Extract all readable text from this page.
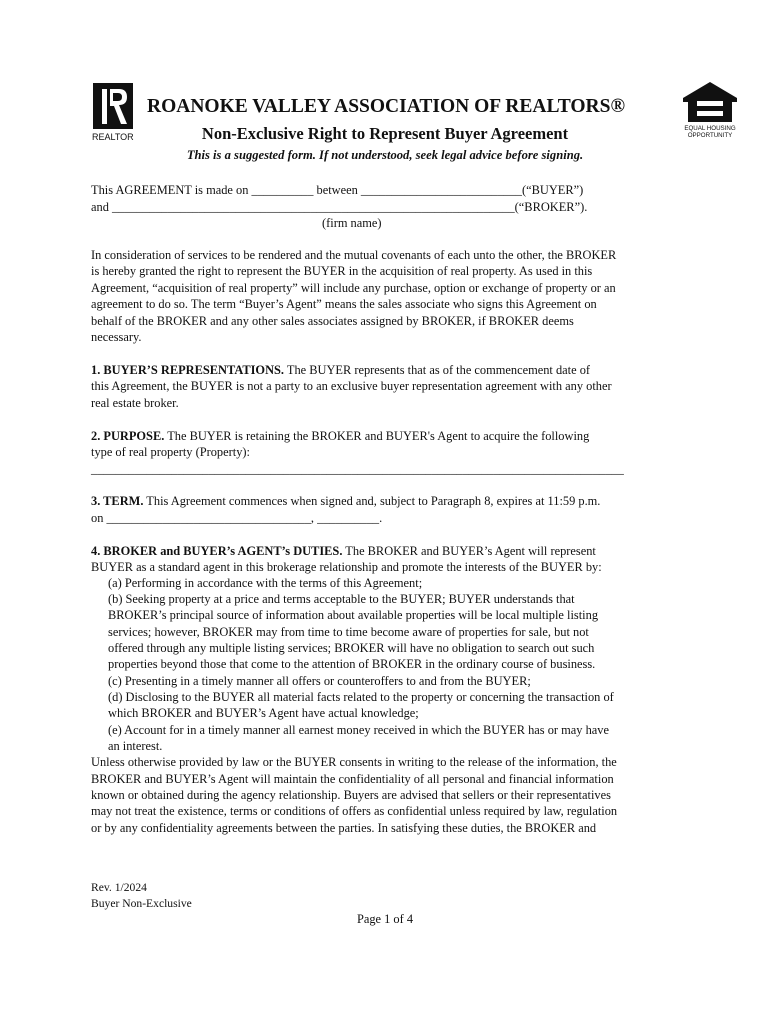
REALTOR
EQUAL HOUSING
OPPORTUNITY
ROANOKE VALLEY ASSOCIATION OF REALTORS®
Non-Exclusive Right to Represent Buyer Agreement
This is a suggested form. If not understood, seek legal advice before signing.
This AGREEMENT is made on __________ between __________________________(“BUYER”)
and _________________________________________________________________(“BROKER”).
(firm name)
In consideration of services to be rendered and the mutual covenants of each unto the other, the BROKER
is hereby granted the right to represent the BUYER in the acquisition of real property. As used in this
Agreement, “acquisition of real property” will include any purchase, option or exchange of property or an
agreement to do so. The term “Buyer’s Agent” means the sales associate who signs this Agreement on
behalf of the BROKER and any other sales associates assigned by BROKER, if BROKER deems
necessary.
1. BUYER’S REPRESENTATIONS. The BUYER represents that as of the commencement date of
this Agreement, the BUYER is not a party to an exclusive buyer representation agreement with any other
real estate broker.
2. PURPOSE. The BUYER is retaining the BROKER and BUYER's Agent to acquire the following
type of real property (Property):
______________________________________________________________________________________
3. TERM. This Agreement commences when signed and, subject to Paragraph 8, expires at 11:59 p.m.
on _________________________________, __________.
4. BROKER and BUYER’s AGENT’s DUTIES. The BROKER and BUYER’s Agent will represent
BUYER as a standard agent in this brokerage relationship and promote the interests of the BUYER by:
(a) Performing in accordance with the terms of this Agreement;
(b) Seeking property at a price and terms acceptable to the BUYER; BUYER understands that
BROKER’s principal source of information about available properties will be local multiple listing
services; however, BROKER may from time to time become aware of properties for sale, but not
offered through any multiple listing services; BROKER will have no obligation to search out such
properties beyond those that come to the attention of BROKER in the ordinary course of business.
(c) Presenting in a timely manner all offers or counteroffers to and from the BUYER;
(d) Disclosing to the BUYER all material facts related to the property or concerning the transaction of
which BROKER and BUYER’s Agent have actual knowledge;
(e) Account for in a timely manner all earnest money received in which the BUYER has or may have
an interest.
Unless otherwise provided by law or the BUYER consents in writing to the release of the information, the
BROKER and BUYER’s Agent will maintain the confidentiality of all personal and financial information
known or obtained during the agency relationship. Buyers are advised that sellers or their representatives
may not treat the existence, terms or conditions of offers as confidential unless required by law, regulation
or by any confidentiality agreements between the parties. In satisfying these duties, the BROKER and
Rev. 1/2024
Buyer Non-Exclusive
Page 1 of 4
